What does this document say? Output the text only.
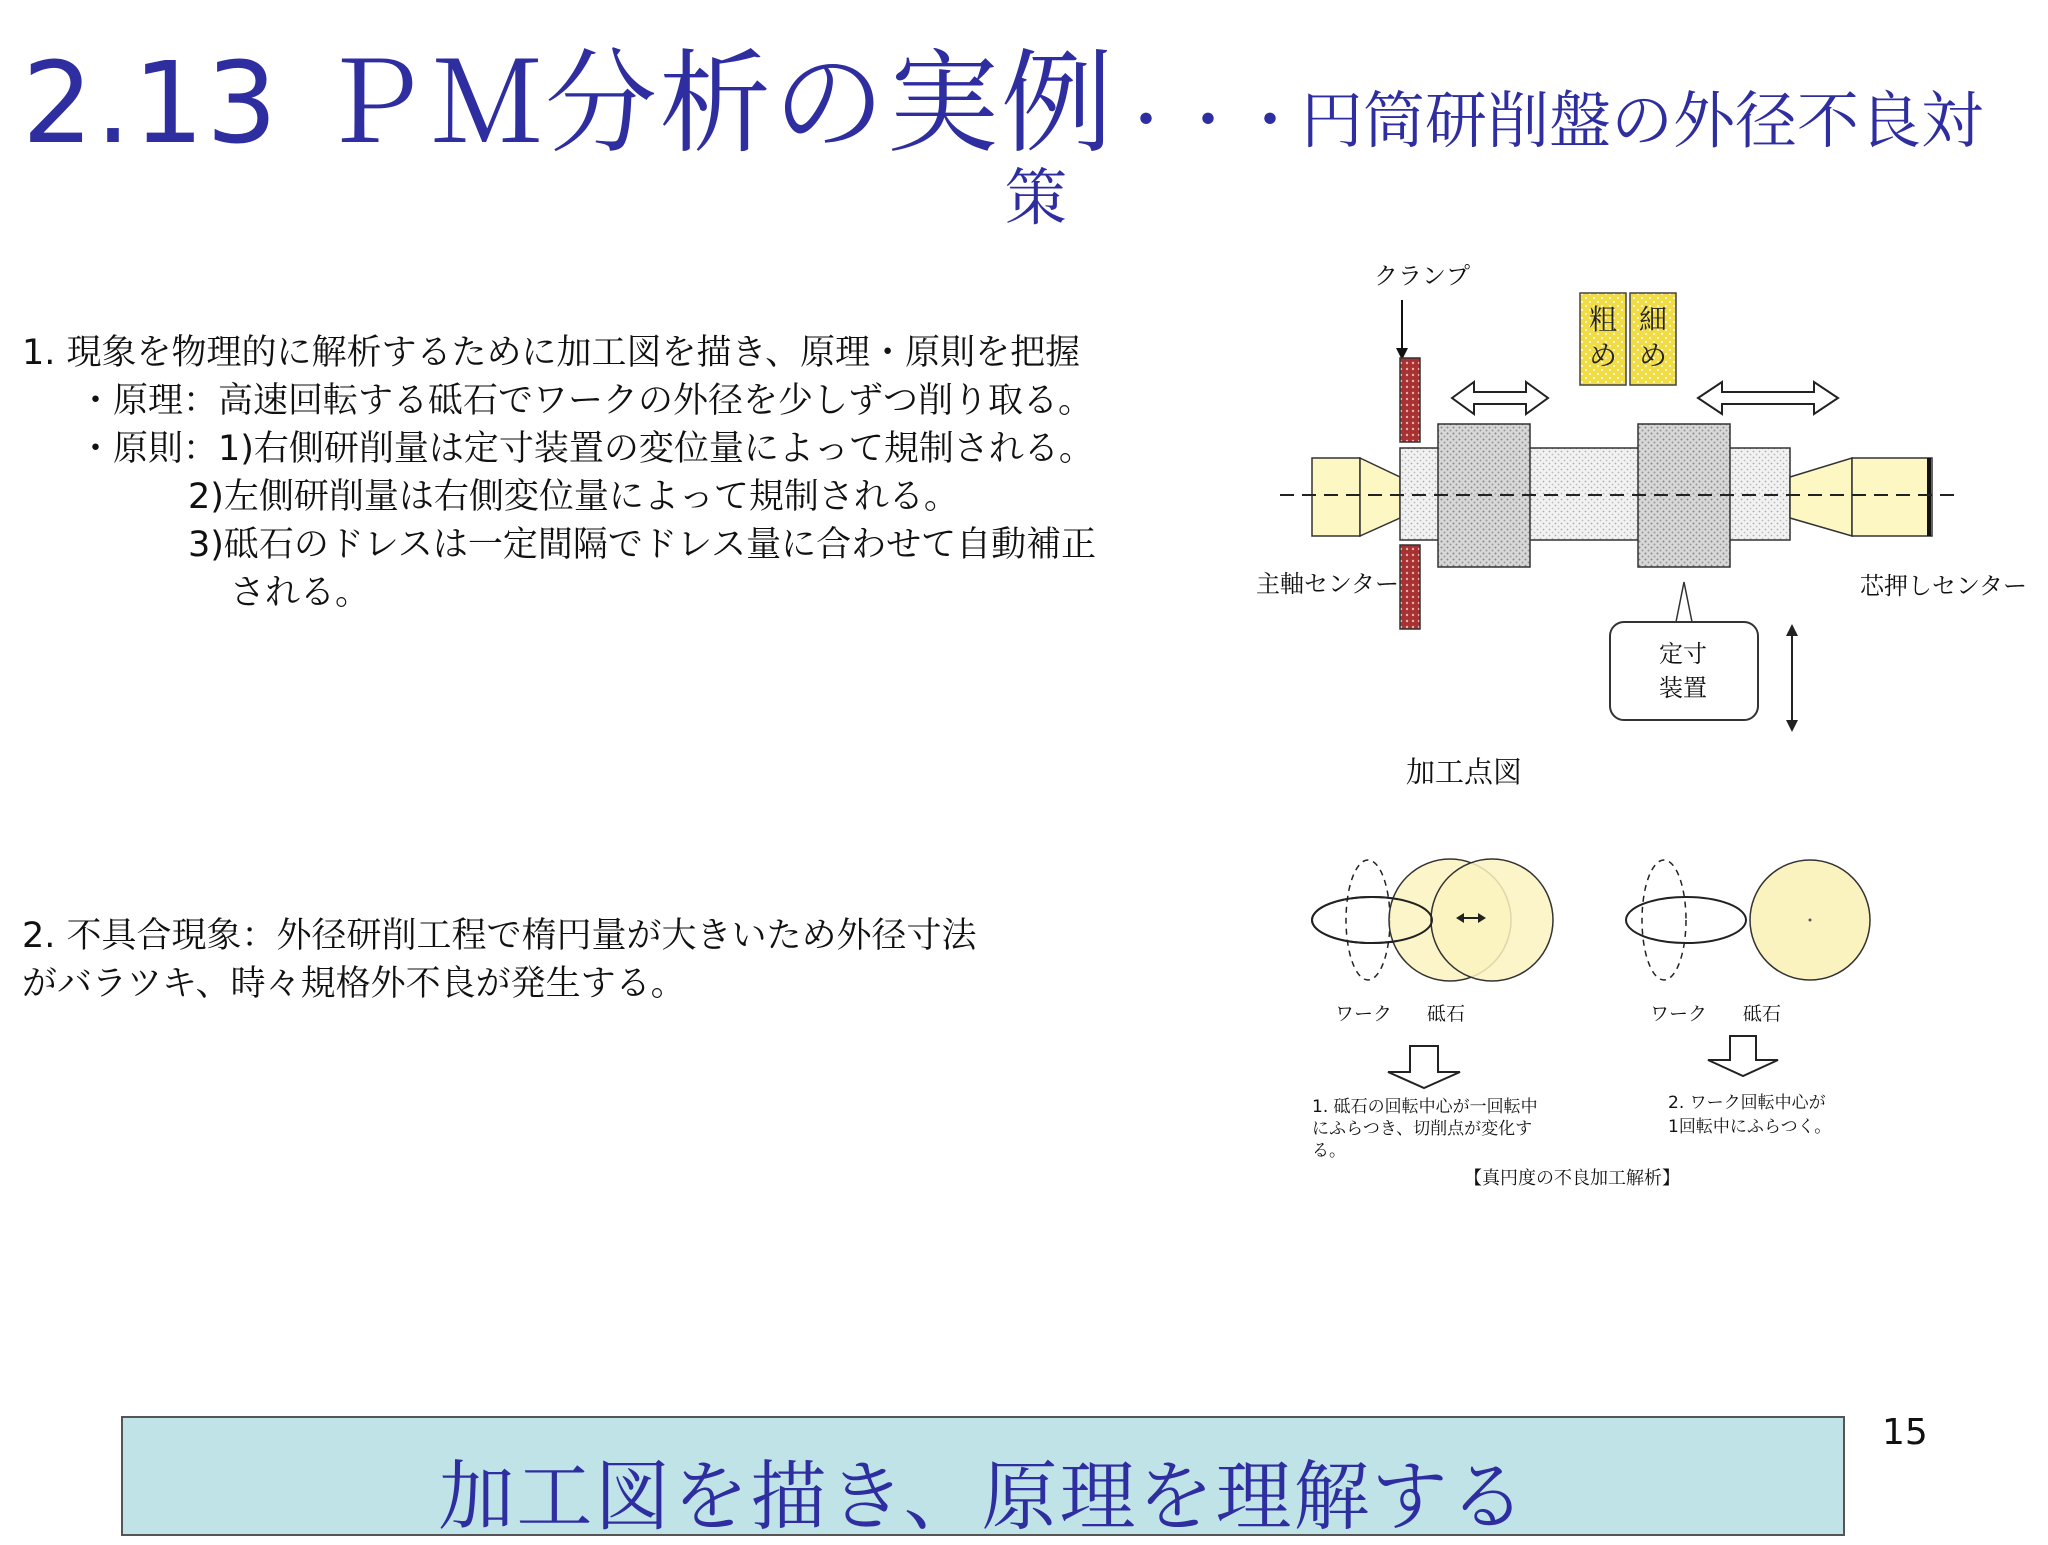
2.13 ＰＭ分析の実例・・・円筒研削盤の外径不良対
策
1. 現象を物理的に解析するために加工図を描き、原理・原則を把握
・原理：高速回転する砥石でワークの外径を少しずつ削り取る。
・原則：1)右側研削量は定寸装置の変位量によって規制される。
2)左側研削量は右側変位量によって規制される。
3)砥石のドレスは一定間隔でドレス量に合わせて自動補正
される。
2. 不具合現象：外径研削工程で楕円量が大きいため外径寸法
がバラツキ、時々規格外不良が発生する。
クランプ
粗
め
細
め
主軸センター	芯押しセンター
定寸
装置
加工点図
ワーク 砥石	ワーク 砥石
1. 砥石の回転中心が一回転中
にふらつき、切削点が変化す
る。
2. ワーク回転中心が
1回転中にふらつく。
【真円度の不良加工解析】
加工図を描き、原理を理解する
15
